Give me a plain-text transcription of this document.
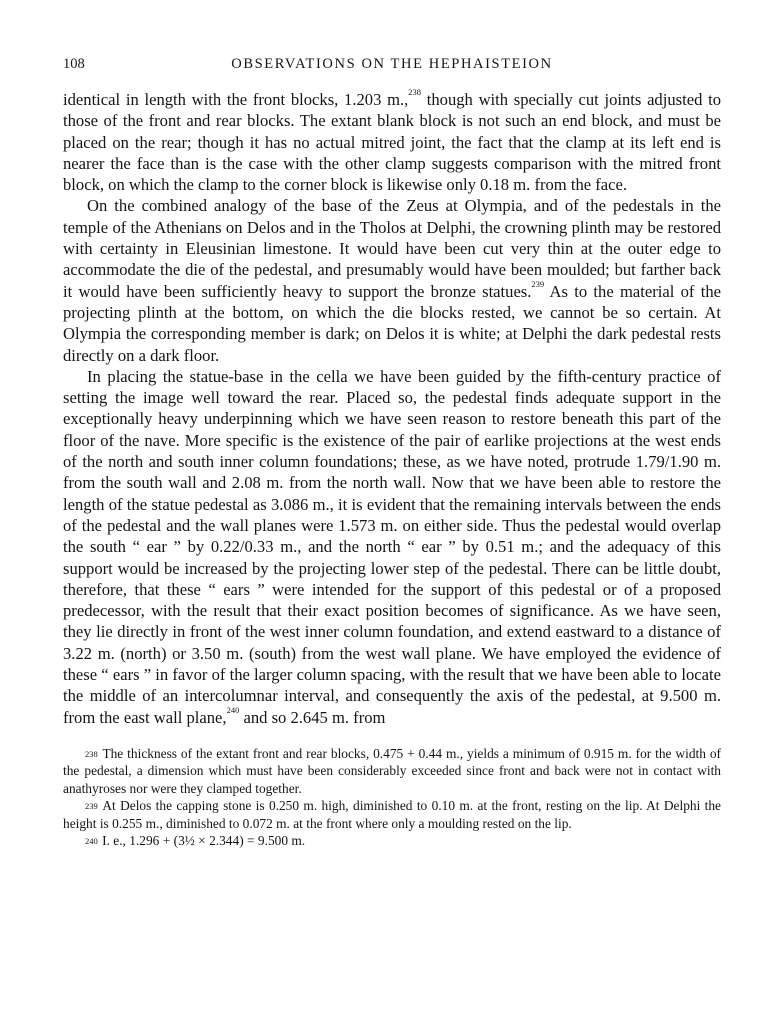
108	OBSERVATIONS ON THE HEPHAISTEION

identical in length with the front blocks, 1.203 m.,$^{238}$ though with specially cut joints adjusted to those of the front and rear blocks. The extant blank block is not such an end block, and must be placed on the rear; though it has no actual mitred joint, the fact that the clamp at its left end is nearer the face than is the case with the other clamp suggests comparison with the mitred front block, on which the clamp to the corner block is likewise only 0.18 m. from the face.

On the combined analogy of the base of the Zeus at Olympia, and of the pedestals in the temple of the Athenians on Delos and in the Tholos at Delphi, the crowning plinth may be restored with certainty in Eleusinian limestone. It would have been cut very thin at the outer edge to accommodate the die of the pedestal, and presumably would have been moulded; but farther back it would have been sufficiently heavy to support the bronze statues.$^{239}$ As to the material of the projecting plinth at the bottom, on which the die blocks rested, we cannot be so certain. At Olympia the corresponding member is dark; on Delos it is white; at Delphi the dark pedestal rests directly on a dark floor.

In placing the statue-base in the cella we have been guided by the fifth-century practice of setting the image well toward the rear. Placed so, the pedestal finds adequate support in the exceptionally heavy underpinning which we have seen reason to restore beneath this part of the floor of the nave. More specific is the existence of the pair of earlike projections at the west ends of the north and south inner column foundations; these, as we have noted, protrude 1.79/1.90 m. from the south wall and 2.08 m. from the north wall. Now that we have been able to restore the length of the statue pedestal as 3.086 m., it is evident that the remaining intervals between the ends of the pedestal and the wall planes were 1.573 m. on either side. Thus the pedestal would overlap the south “ ear ” by 0.22/0.33 m., and the north “ ear ” by 0.51 m.; and the adequacy of this support would be increased by the projecting lower step of the pedestal. There can be little doubt, therefore, that these “ ears ” were intended for the support of this pedestal or of a proposed predecessor, with the result that their exact position becomes of significance. As we have seen, they lie directly in front of the west inner column foundation, and extend eastward to a distance of 3.22 m. (north) or 3.50 m. (south) from the west wall plane. We have employed the evidence of these “ ears ” in favor of the larger column spacing, with the result that we have been able to locate the middle of an intercolumnar interval, and consequently the axis of the pedestal, at 9.500 m. from the east wall plane,$^{240}$ and so 2.645 m. from

$^{238}$ The thickness of the extant front and rear blocks, 0.475 + 0.44 m., yields a minimum of 0.915 m. for the width of the pedestal, a dimension which must have been considerably exceeded since front and back were not in contact with anathyroses nor were they clamped together.

$^{239}$ At Delos the capping stone is 0.250 m. high, diminished to 0.10 m. at the front, resting on the lip. At Delphi the height is 0.255 m., diminished to 0.072 m. at the front where only a moulding rested on the lip.

$^{240}$ I. e., 1.296 + (3½ × 2.344) = 9.500 m.
